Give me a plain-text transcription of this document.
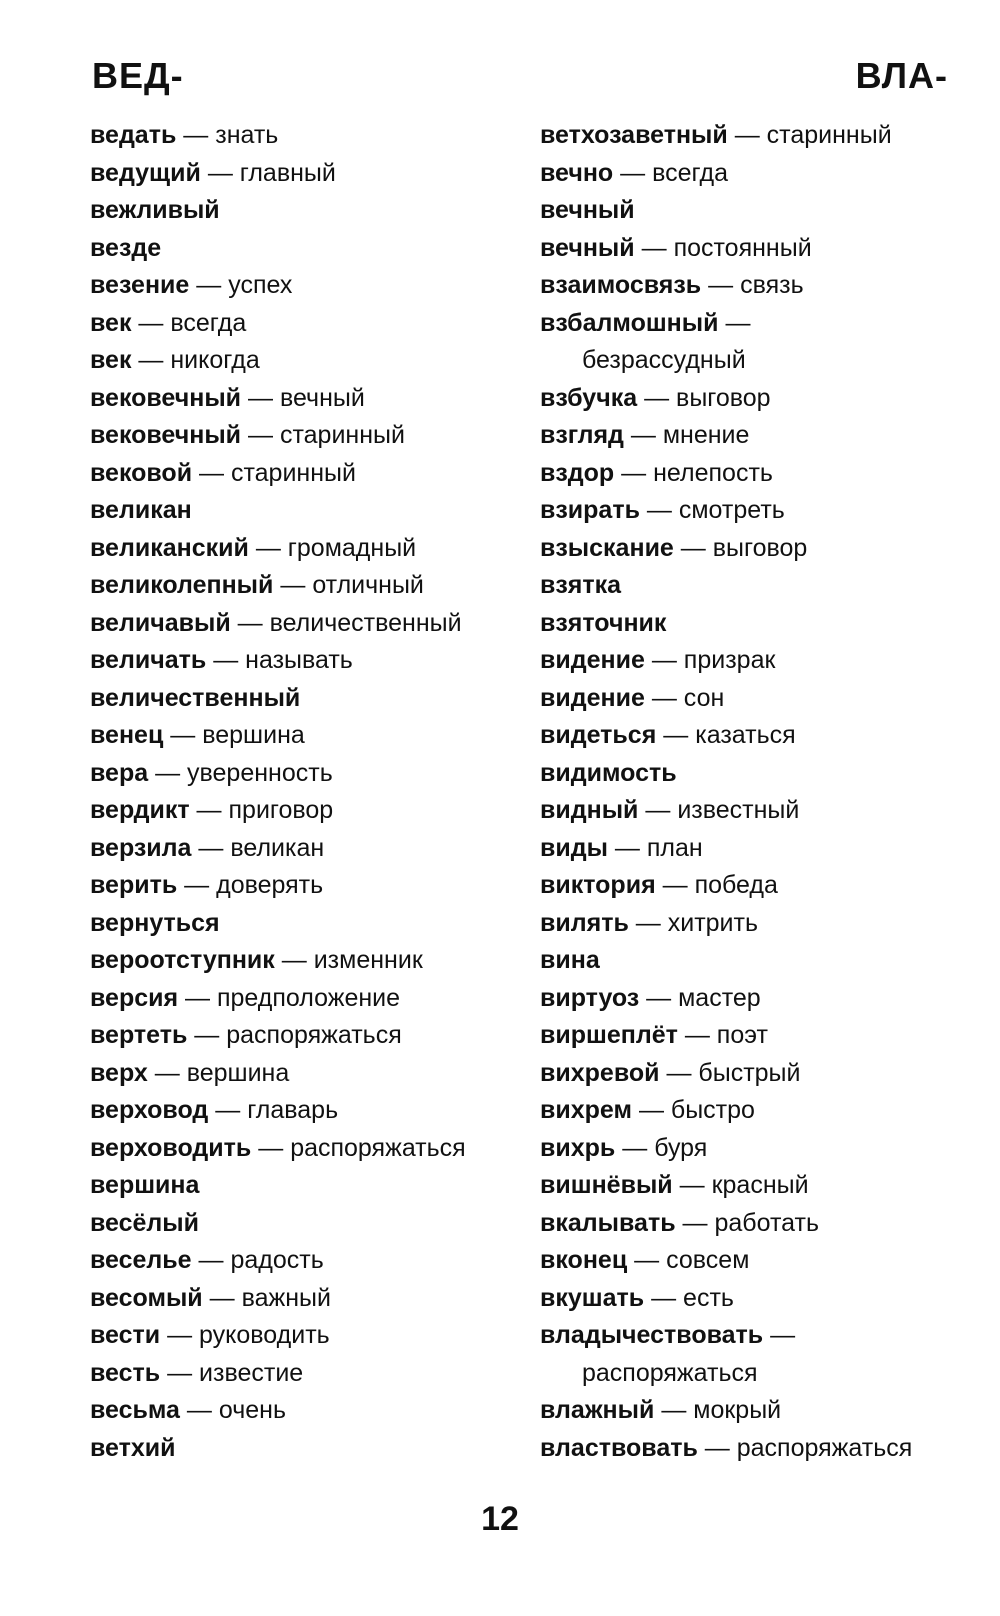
ВЕД-	ВЛА-
ведать — знать
ведущий — главный
вежливый
везде
везение — успех
век — всегда
век — никогда
вековечный — вечный
вековечный — старинный
вековой — старинный
великан
великанский — громадный
великолепный — отличный
величавый — величественный
величать — называть
величественный
венец — вершина
вера — уверенность
вердикт — приговор
верзила — великан
верить — доверять
вернуться
вероотступник — изменник
версия — предположение
вертеть — распоряжаться
верх — вершина
верховод — главарь
верховодить — распоряжаться
вершина
весёлый
веселье — радость
весомый — важный
вести — руководить
весть — известие
весьма — очень
ветхий
ветхозаветный — старинный
вечно — всегда
вечный
вечный — постоянный
взаимосвязь — связь
взбалмошный —
безрассудный
взбучка — выговор
взгляд — мнение
вздор — нелепость
взирать — смотреть
взыскание — выговор
взятка
взяточник
видение — призрак
видение — сон
видеться — казаться
видимость
видный — известный
виды — план
виктория — победа
вилять — хитрить
вина
виртуоз — мастер
виршеплёт — поэт
вихревой — быстрый
вихрем — быстро
вихрь — буря
вишнёвый — красный
вкалывать — работать
вконец — совсем
вкушать — есть
владычествовать —
распоряжаться
влажный — мокрый
властвовать — распоряжаться
12
